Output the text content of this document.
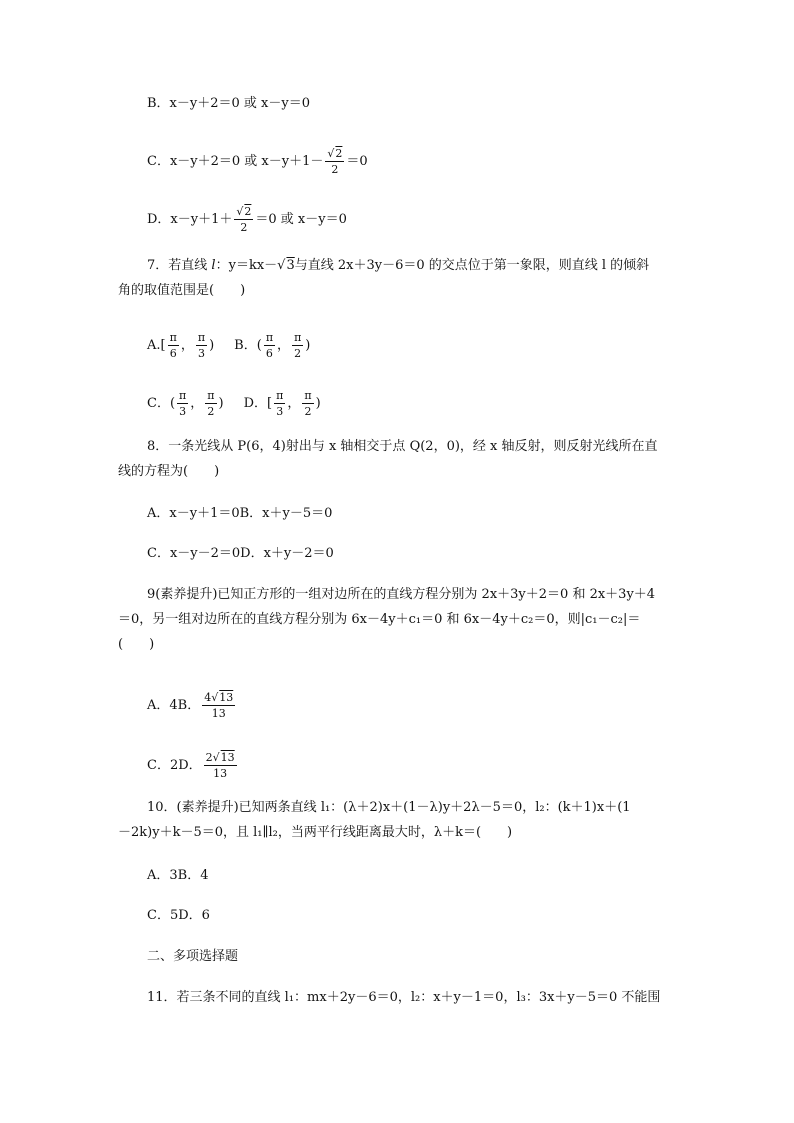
B．x－y＋2＝0 或 x－y＝0
C．x－y＋2＝0 或 $x-y+1- \frac{√2}{2} =0$
D．$x-y+1+ \frac{√2}{2} =0$ 或 x－y＝0
7．若直线 l：y＝kx－√3与直线 2x＋3y－6＝0 的交点位于第一象限，则直线 l 的倾斜
角的取值范围是(　　)
$A.[ \frac{\pi}{6}$ ， $\frac{\pi}{3}$ ) B．( $\frac{\pi}{6}$ ， $\frac{\pi}{2}$ )
C．( $\frac{\pi}{3}$ ， $\frac{\pi}{2}$ ) D．[ $\frac{\pi}{3}$ ， $\frac{\pi}{2}$ )
8．一条光线从 P(6，4)射出与 x 轴相交于点 Q(2，0)，经 x 轴反射，则反射光线所在直
线的方程为(　　)
A．x－y＋1＝0B．x＋y－5＝0
C．x－y－2＝0D．x＋y－2＝0
9(素养提升)已知正方形的一组对边所在的直线方程分别为 2x＋3y＋2＝0 和 2x＋3y＋4
＝0，另一组对边所在的直线方程分别为 6x－4y＋c₁＝0 和 6x－4y＋c₂＝0，则|c₁－c₂|＝
(　　)
A．4B． $\frac{4√13}{13}$
C．2D． $\frac{2√13}{13}$
10．(素养提升)已知两条直线 l₁：(λ＋2)x＋(1－λ)y＋2λ－5＝0，l₂：(k＋1)x＋(1
－2k)y＋k－5＝0，且 l₁∥l₂，当两平行线距离最大时，λ＋k＝(　　)
A．3B．4
C．5D．6
二、多项选择题
11．若三条不同的直线 l₁：mx＋2y－6＝0，l₂：x＋y－1＝0，l₃：3x＋y－5＝0 不能围
